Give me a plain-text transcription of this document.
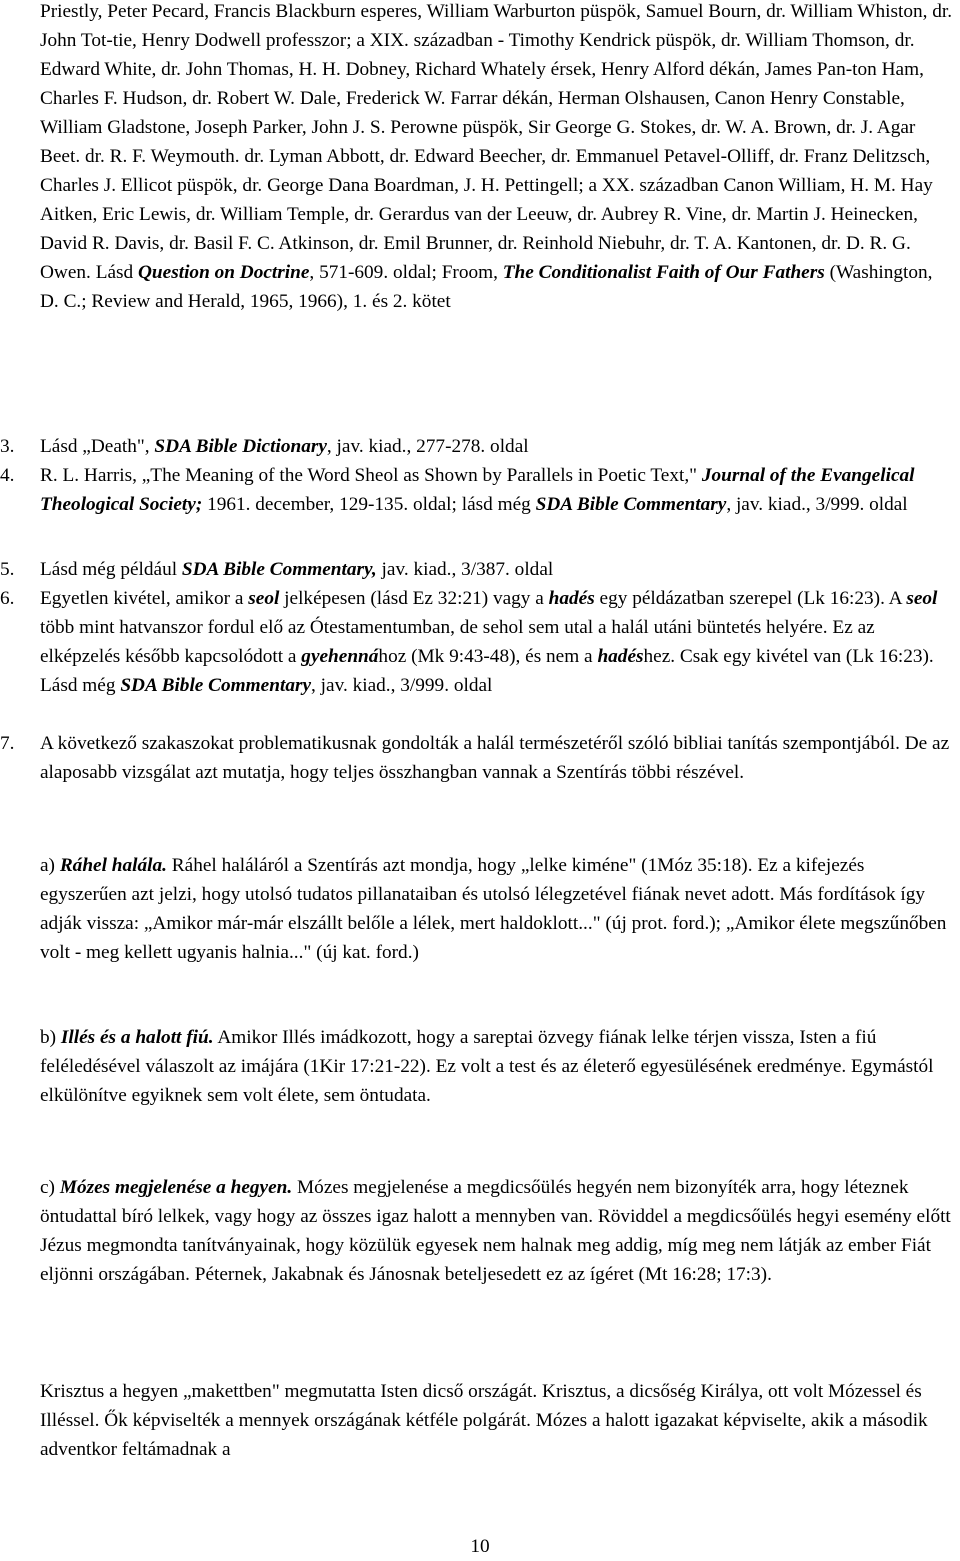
Priestly, Peter Pecard, Francis Blackburn esperes, William Warburton püspök, Samuel Bourn, dr. William Whiston, dr. John Tot-tie, Henry Dodwell professzor; a XIX. században - Timothy Kendrick püspök, dr. William Thomson, dr. Edward White, dr. John Thomas, H. H. Dobney, Richard Whately érsek, Henry Alford dékán, James Pan-ton Ham, Charles F. Hudson, dr. Robert W. Dale, Frederick W. Farrar dékán, Herman Olshausen, Canon Henry Constable, William Gladstone, Joseph Parker, John J. S. Perowne püspök, Sir George G. Stokes, dr. W. A. Brown, dr. J. Agar Beet. dr. R. F. Weymouth. dr. Lyman Abbott, dr. Edward Beecher, dr. Emmanuel Petavel-Olliff, dr. Franz Delitzsch, Charles J. Ellicot püspök, dr. George Dana Boardman, J. H. Pettingell; a XX. században Canon William, H. M. Hay Aitken, Eric Lewis, dr. William Temple, dr. Gerardus van der Leeuw, dr. Aubrey R. Vine, dr. Martin J. Heinecken, David R. Davis, dr. Basil F. C. Atkinson, dr. Emil Brunner, dr. Reinhold Niebuhr, dr. T. A. Kantonen, dr. D. R. G. Owen. Lásd Question on Doctrine, 571-609. oldal; Froom, The Conditionalist Faith of Our Fathers (Washington, D. C.; Review and Herald, 1965, 1966), 1. és 2. kötet
3.	Lásd „Death", SDA Bible Dictionary, jav. kiad., 277-278. oldal
4.	R. L. Harris, „The Meaning of the Word Sheol as Shown by Parallels in Poetic Text," Journal of the Evangelical Theological Society; 1961. december, 129-135. oldal; lásd még SDA Bible Commentary, jav. kiad., 3/999. oldal
5.	Lásd még például SDA Bible Commentary, jav. kiad., 3/387. oldal
6.	Egyetlen kivétel, amikor a seol jelképesen (lásd Ez 32:21) vagy a hadés egy példázatban szerepel (Lk 16:23). A seol több mint hatvanszor fordul elő az Ótestamentumban, de sehol sem utal a halál utáni büntetés helyére. Ez az elképzelés később kapcsolódott a gyehennához (Mk 9:43-48), és nem a hadéshez. Csak egy kivétel van (Lk 16:23). Lásd még SDA Bible Commentary, jav. kiad., 3/999. oldal
7.	A következő szakaszokat problematikusnak gondolták a halál természetéről szóló bibliai tanítás szempontjából. De az alaposabb vizsgálat azt mutatja, hogy teljes összhangban vannak a Szentírás többi részével.
a) Ráhel halála. Ráhel haláláról a Szentírás azt mondja, hogy „lelke kiméne" (1Móz 35:18). Ez a kifejezés egyszerűen azt jelzi, hogy utolsó tudatos pillanataiban és utolsó lélegzetével fiának nevet adott. Más fordítások így adják vissza: „Amikor már-már elszállt belőle a lélek, mert haldoklott..." (új prot. ford.); „Amikor élete megszűnőben volt - meg kellett ugyanis halnia..." (új kat. ford.)
b) Illés és a halott fiú. Amikor Illés imádkozott, hogy a sareptai özvegy fiának lelke térjen vissza, Isten a fiú feléledésével válaszolt az imájára (1Kir 17:21-22). Ez volt a test és az életerő egyesülésének eredménye. Egymástól elkülönítve egyiknek sem volt élete, sem öntudata.
c) Mózes megjelenése a hegyen. Mózes megjelenése a megdicsőülés hegyén nem bizonyíték arra, hogy léteznek öntudattal bíró lelkek, vagy hogy az összes igaz halott a mennyben van. Röviddel a megdicsőülés hegyi esemény előtt Jézus megmondta tanítványainak, hogy közülük egyesek nem halnak meg addig, míg meg nem látják az ember Fiát eljönni országában. Péternek, Jakabnak és Jánosnak beteljesedett ez az ígéret (Mt 16:28; 17:3).
Krisztus a hegyen „makettben" megmutatta Isten dicső országát. Krisztus, a dicsőség Királya, ott volt Mózessel és Illéssel. Ők képviselték a mennyek országának kétféle polgárát. Mózes a halott igazakat képviselte, akik a második adventkor feltámadnak a
10
